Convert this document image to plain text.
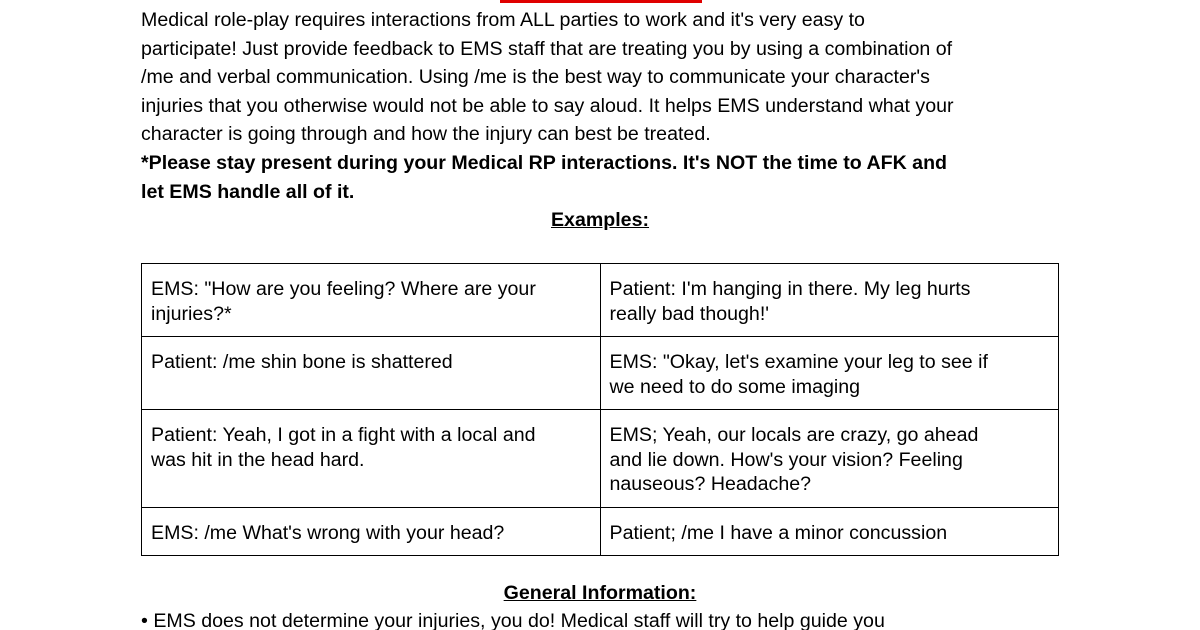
Medical role-play requires interactions from ALL parties to work and it's very easy to
participate! Just provide feedback to EMS staff that are treating you by using a combination of
/me and verbal communication. Using /me is the best way to communicate your character's
injuries that you otherwise would not be able to say aloud. It helps EMS understand what your
character is going through and how the injury can best be treated.

*Please stay present during your Medical RP interactions. It's NOT the time to AFK and
let EMS handle all of it.

Examples:

EMS: "How are you feeling? Where are your
injuries?*	Patient: I'm hanging in there. My leg hurts
really bad though!'
Patient: /me shin bone is shattered	EMS: "Okay, let's examine your leg to see if
we need to do some imaging
Patient: Yeah, I got in a fight with a local and
was hit in the head hard.	EMS; Yeah, our locals are crazy, go ahead
and lie down. How's your vision? Feeling
nauseous? Headache?
EMS: /me What's wrong with your head?	Patient; /me I have a minor concussion

General Information:

• EMS does not determine your injuries, you do! Medical staff will try to help guide you
